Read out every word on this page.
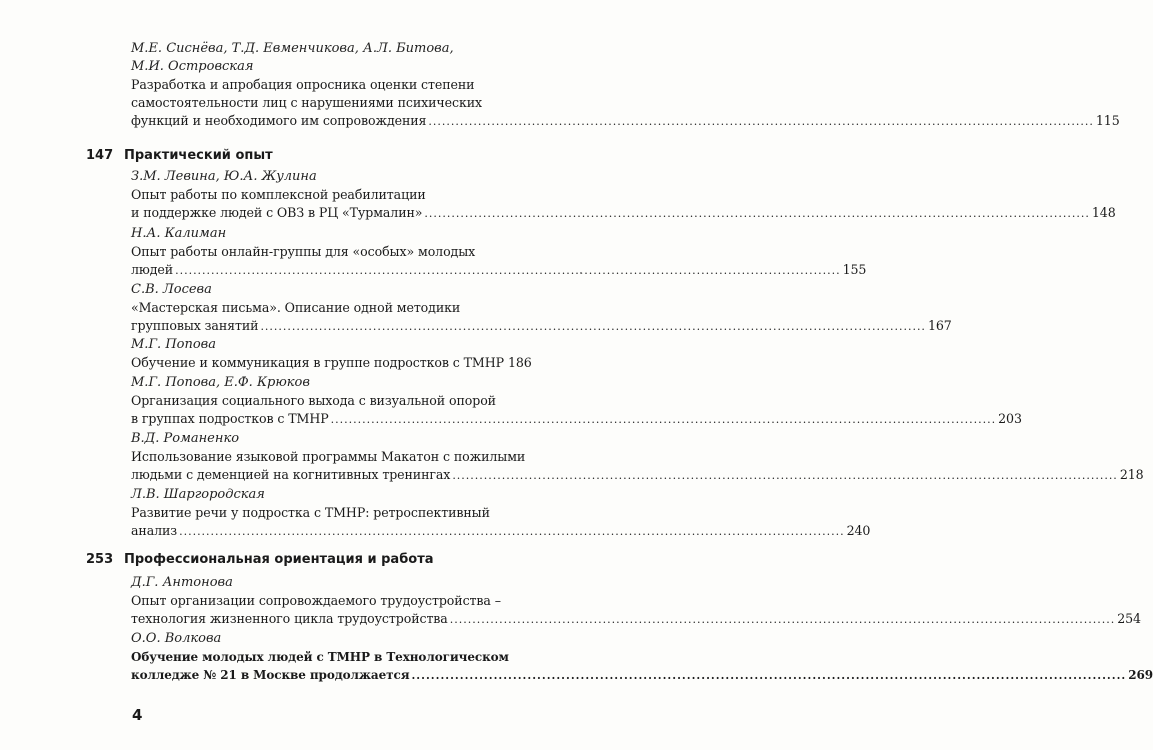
М.Е. Сиснёва, Т.Д. Евменчикова, А.Л. Битова,
М.И. Островская
Разработка и апробация опросника оценки степени
самостоятельности лиц с нарушениями психических
функций и необходимого им сопровождения .....	115
147 Практический опыт
З.М. Левина, Ю.А. Жулина
Опыт работы по комплексной реабилитации
и поддержке людей с ОВЗ в РЦ «Турмалин» .....	148
Н.А. Калиман
Опыт работы онлайн-группы для «особых» молодых
людей .....	155
С.В. Лосева
«Мастерская письма». Описание одной методики
групповых занятий .....	167
М.Г. Попова
Обучение и коммуникация в группе подростков с ТМНР 186
М.Г. Попова, Е.Ф. Крюков
Организация социального выхода с визуальной опорой
в группах подростков с ТМНР .....	203
В.Д. Романенко
Использование языковой программы Макатон с пожилыми
людьми с деменцией на когнитивных тренингах .....	218
Л.В. Шаргородская
Развитие речи у подростка с ТМНР: ретроспективный
анализ .....	240
253 Профессиональная ориентация и работа
Д.Г. Антонова
Опыт организации сопровождаемого трудоустройства –
технология жизненного цикла трудоустройства .....	254
О.О. Волкова
Обучение молодых людей с ТМНР в Технологическом
колледже № 21 в Москве продолжается .....	269
4
